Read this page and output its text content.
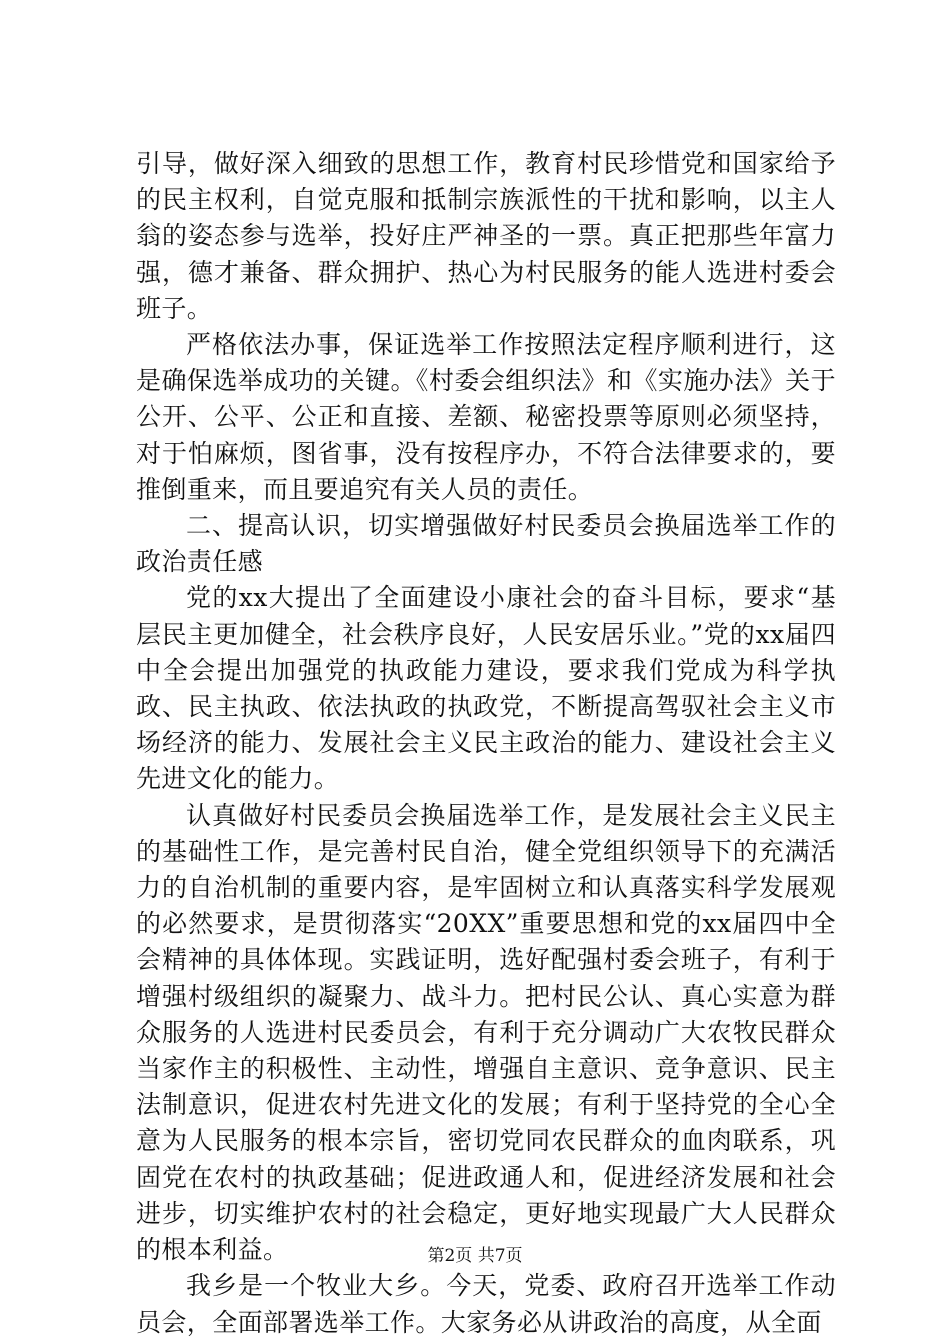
引导，做好深入细致的思想工作，教育村民珍惜党和国家给予的民主权利，自觉克服和抵制宗族派性的干扰和影响，以主人翁的姿态参与选举，投好庄严神圣的一票。真正把那些年富力强，德才兼备、群众拥护、热心为村民服务的能人选进村委会班子。

严格依法办事，保证选举工作按照法定程序顺利进行，这是确保选举成功的关键。《村委会组织法》和《实施办法》关于公开、公平、公正和直接、差额、秘密投票等原则必须坚持，对于怕麻烦，图省事，没有按程序办，不符合法律要求的，要推倒重来，而且要追究有关人员的责任。

二、提高认识，切实增强做好村民委员会换届选举工作的政治责任感

党的xx大提出了全面建设小康社会的奋斗目标，要求“基层民主更加健全，社会秩序良好，人民安居乐业。”党的xx届四中全会提出加强党的执政能力建设，要求我们党成为科学执政、民主执政、依法执政的执政党，不断提高驾驭社会主义市场经济的能力、发展社会主义民主政治的能力、建设社会主义先进文化的能力。

认真做好村民委员会换届选举工作，是发展社会主义民主的基础性工作，是完善村民自治，健全党组织领导下的充满活力的自治机制的重要内容，是牢固树立和认真落实科学发展观的必然要求，是贯彻落实“20XX”重要思想和党的xx届四中全会精神的具体体现。实践证明，选好配强村委会班子，有利于增强村级组织的凝聚力、战斗力。把村民公认、真心实意为群众服务的人选进村民委员会，有利于充分调动广大农牧民群众当家作主的积极性、主动性，增强自主意识、竞争意识、民主法制意识，促进农村先进文化的发展；有利于坚持党的全心全意为人民服务的根本宗旨，密切党同农民群众的血肉联系，巩固党在农村的执政基础；促进政通人和，促进经济发展和社会进步，切实维护农村的社会稳定，更好地实现最广大人民群众的根本利益。

我乡是一个牧业大乡。今天，党委、政府召开选举工作动员会，全面部署选举工作。大家务必从讲政治的高度，从全面

第2页 共7页
